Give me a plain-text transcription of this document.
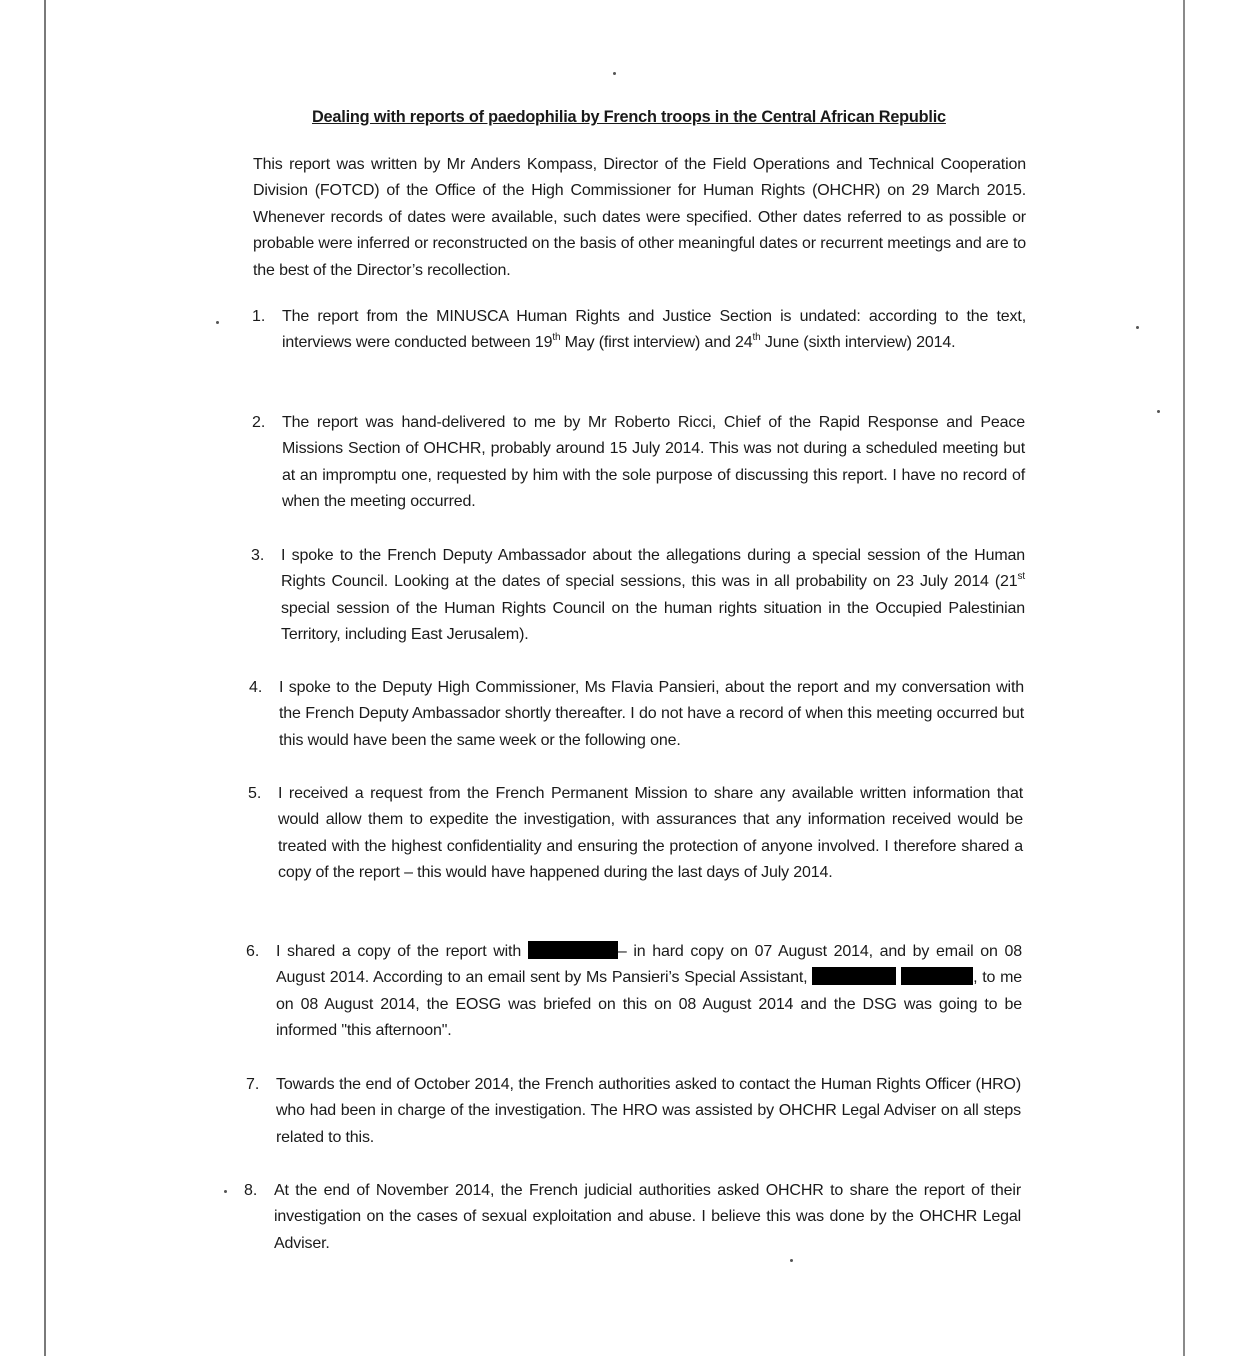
Dealing with reports of paedophilia by French troops in the Central African Republic
This report was written by Mr Anders Kompass, Director of the Field Operations and Technical Cooperation Division (FOTCD) of the Office of the High Commissioner for Human Rights (OHCHR) on 29 March 2015. Whenever records of dates were available, such dates were specified. Other dates referred to as possible or probable were inferred or reconstructed on the basis of other meaningful dates or recurrent meetings and are to the best of the Director’s recollection.
1. The report from the MINUSCA Human Rights and Justice Section is undated: according to the text, interviews were conducted between 19th May (first interview) and 24th June (sixth interview) 2014.
2. The report was hand-delivered to me by Mr Roberto Ricci, Chief of the Rapid Response and Peace Missions Section of OHCHR, probably around 15 July 2014. This was not during a scheduled meeting but at an impromptu one, requested by him with the sole purpose of discussing this report. I have no record of when the meeting occurred.
3. I spoke to the French Deputy Ambassador about the allegations during a special session of the Human Rights Council. Looking at the dates of special sessions, this was in all probability on 23 July 2014 (21st special session of the Human Rights Council on the human rights situation in the Occupied Palestinian Territory, including East Jerusalem).
4. I spoke to the Deputy High Commissioner, Ms Flavia Pansieri, about the report and my conversation with the French Deputy Ambassador shortly thereafter. I do not have a record of when this meeting occurred but this would have been the same week or the following one.
5. I received a request from the French Permanent Mission to share any available written information that would allow them to expedite the investigation, with assurances that any information received would be treated with the highest confidentiality and ensuring the protection of anyone involved. I therefore shared a copy of the report – this would have happened during the last days of July 2014.
6. I shared a copy of the report with	– in hard copy on 07 August 2014, and by email on 08 August 2014. According to an email sent by Ms Pansieri’s Special Assistant,	, to me on 08 August 2014, the EOSG was briefed on this on 08 August 2014 and the DSG was going to be informed "this afternoon".
7. Towards the end of October 2014, the French authorities asked to contact the Human Rights Officer (HRO) who had been in charge of the investigation. The HRO was assisted by OHCHR Legal Adviser on all steps related to this.
8. At the end of November 2014, the French judicial authorities asked OHCHR to share the report of their investigation on the cases of sexual exploitation and abuse. I believe this was done by the OHCHR Legal Adviser.
